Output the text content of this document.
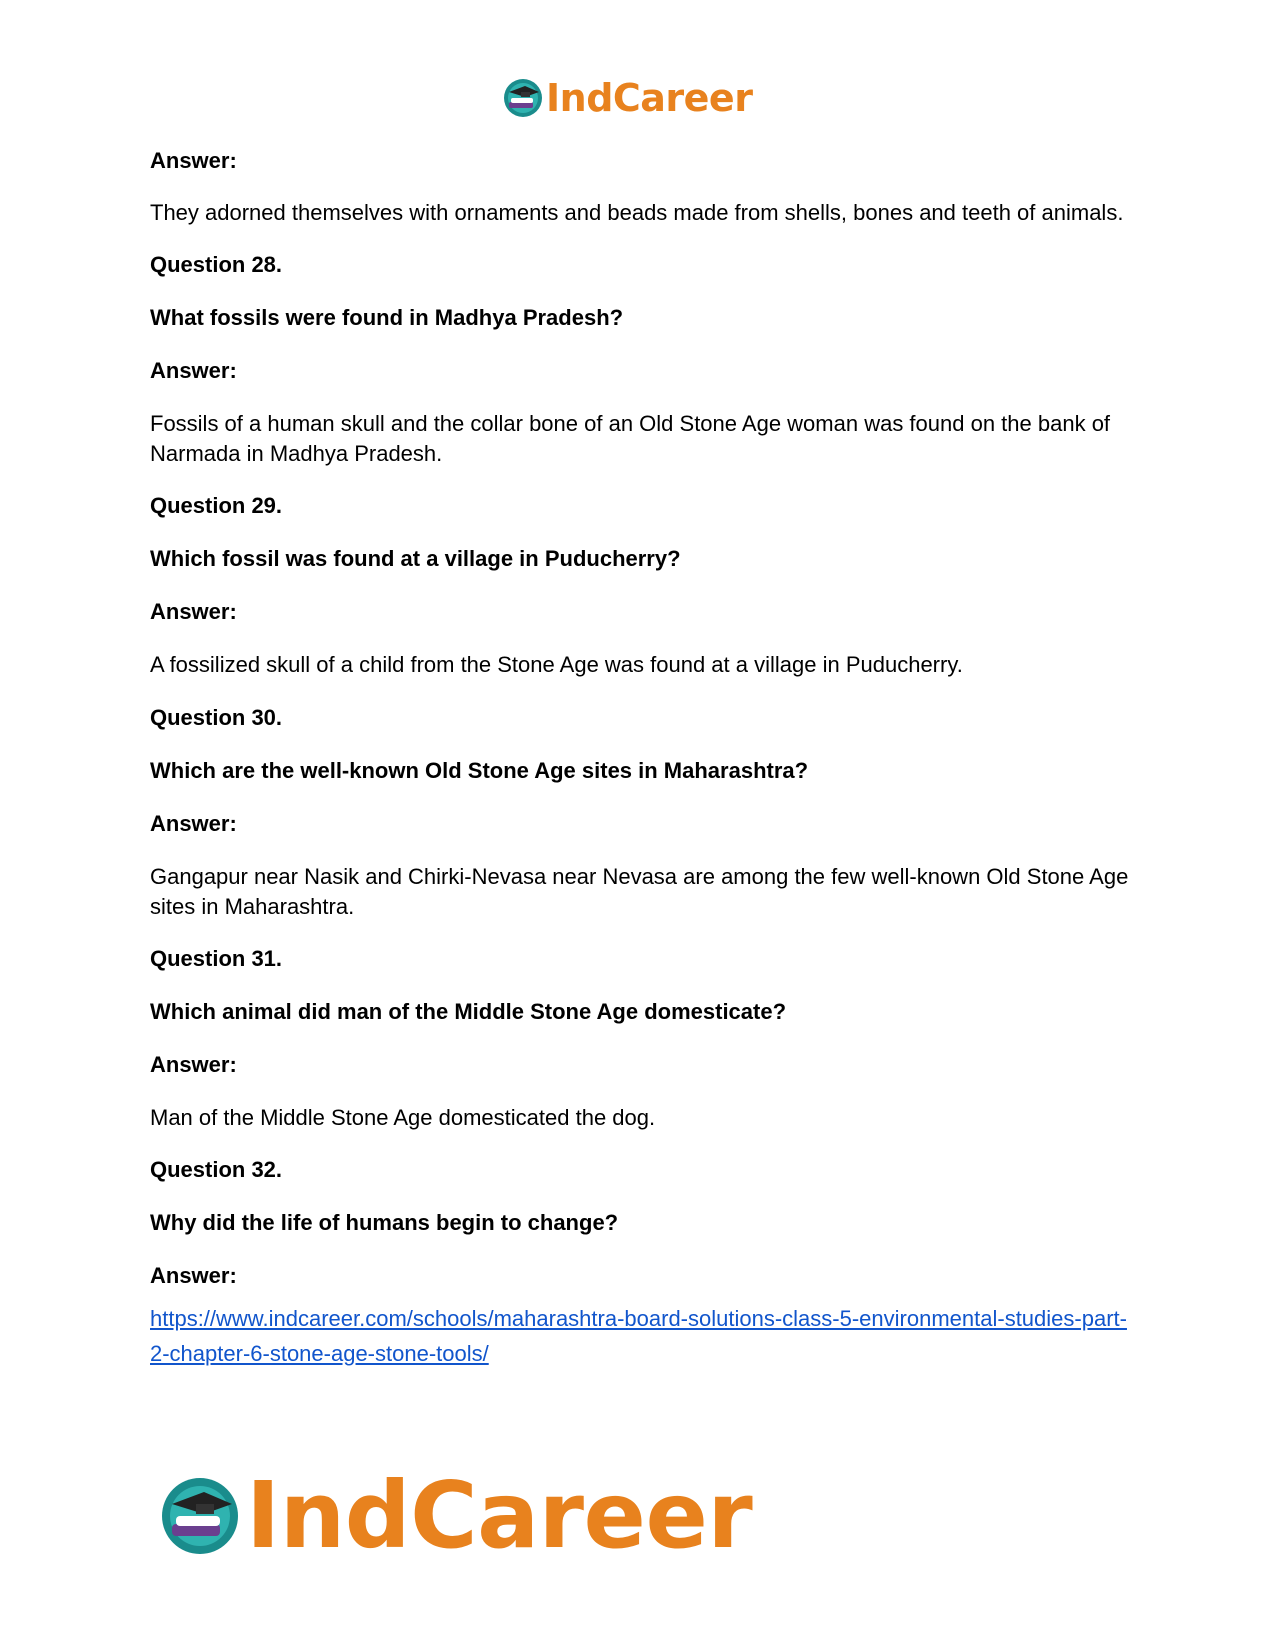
IndCareer

Answer:

They adorned themselves with ornaments and beads made from shells, bones and teeth of animals.

Question 28.

What fossils were found in Madhya Pradesh?

Answer:

Fossils of a human skull and the collar bone of an Old Stone Age woman was found on the bank of Narmada in Madhya Pradesh.

Question 29.

Which fossil was found at a village in Puducherry?

Answer:

A fossilized skull of a child from the Stone Age was found at a village in Puducherry.

Question 30.

Which are the well-known Old Stone Age sites in Maharashtra?

Answer:

Gangapur near Nasik and Chirki-Nevasa near Nevasa are among the few well-known Old Stone Age sites in Maharashtra.

Question 31.

Which animal did man of the Middle Stone Age domesticate?

Answer:

Man of the Middle Stone Age domesticated the dog.

Question 32.

Why did the life of humans begin to change?

Answer:

https://www.indcareer.com/schools/maharashtra-board-solutions-class-5-environmental-studies-part-2-chapter-6-stone-age-stone-tools/
IndCareer
